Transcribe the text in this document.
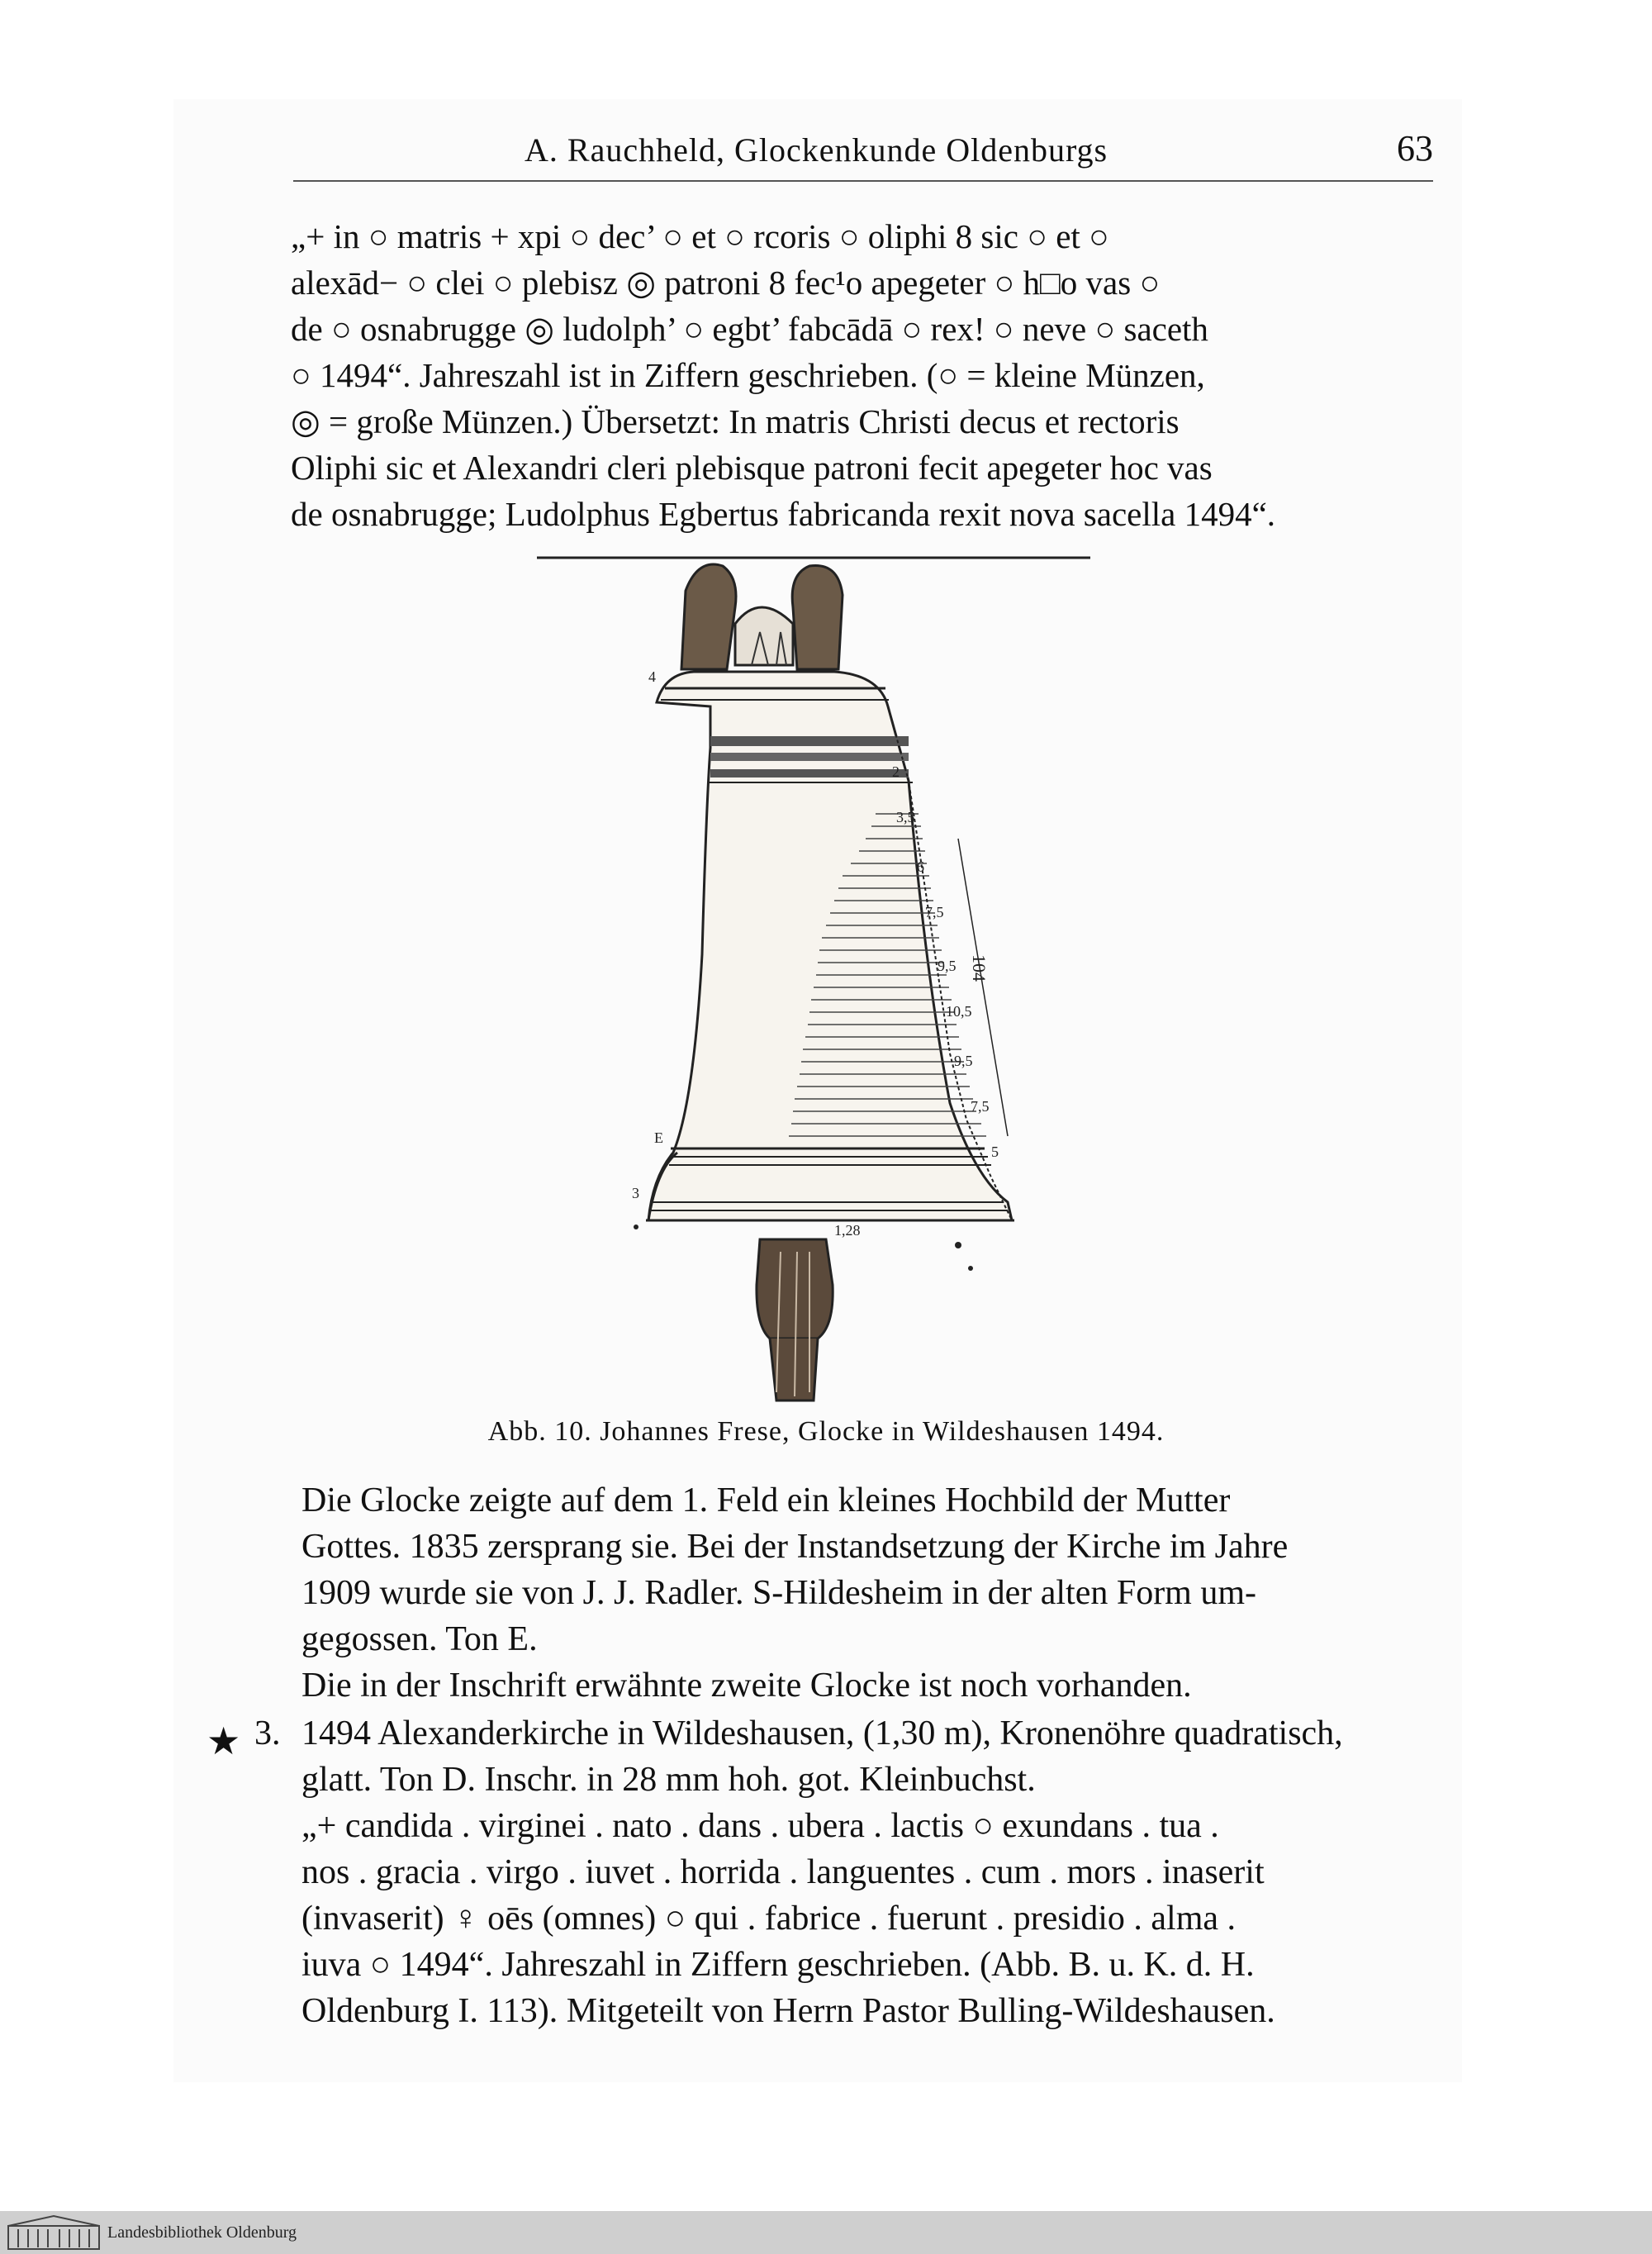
A. Rauchheld, Glockenkunde Oldenburgs	63

„+ in ○ matris + xpi ○ dec’ ○ et ○ rcoris ○ oliphi 8 sic ○ et ○

alexād− ○ clei ○ plebisz ◎ patroni 8 fec¹o apegeter ○ h□o vas ○

de ○ osnabrugge ◎ ludolph’ ○ egbt’ fabcādā ○ rex! ○ neve ○ saceth

○ 1494“. Jahreszahl ist in Ziffern geschrieben. (○ = kleine Münzen,

◎ = große Münzen.) Übersetzt: In matris Christi decus et rectoris

Oliphi sic et Alexandri cleri plebisque patroni fecit apegeter hoc vas

de osnabrugge; Ludolphus Egbertus fabricanda rexit nova sacella 1494“.

4
2
3,5
6
7,5
9,5 104
10,5
9,5
7,5
5
E
3
1,28
Abb. 10. Johannes Frese, Glocke in Wildeshausen 1494.

Die Glocke zeigte auf dem 1. Feld ein kleines Hochbild der Mutter

Gottes. 1835 zersprang sie. Bei der Instandsetzung der Kirche im Jahre

1909 wurde sie von J. J. Radler. S-Hildesheim in der alten Form um-

gegossen. Ton E.

Die in der Inschrift erwähnte zweite Glocke ist noch vorhanden.

★ 3. 1494 Alexanderkirche in Wildeshausen, (1,30 m), Kronenöhre quadratisch,

glatt. Ton D. Inschr. in 28 mm hoh. got. Kleinbuchst.

„+ candida . virginei . nato . dans . ubera . lactis ○ exundans . tua .

nos . gracia . virgo . iuvet . horrida . languentes . cum . mors . inaserit

(invaserit) ♀ oēs (omnes) ○ qui . fabrice . fuerunt . presidio . alma .

iuva ○ 1494“. Jahreszahl in Ziffern geschrieben. (Abb. B. u. K. d. H.

Oldenburg I. 113). Mitgeteilt von Herrn Pastor Bulling-Wildeshausen.

Landesbibliothek Oldenburg
